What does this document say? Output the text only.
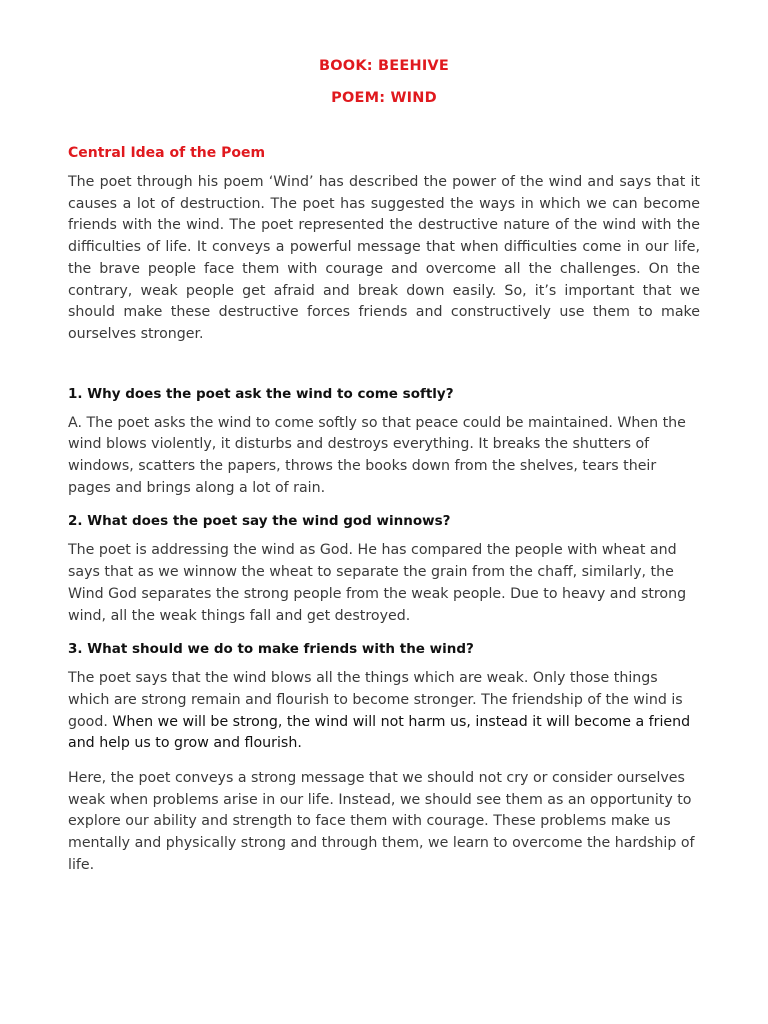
BOOK: BEEHIVE
POEM: WIND
Central Idea of the Poem

The poet through his poem ‘Wind’ has described the power of the wind and says that it causes a lot of destruction. The poet has suggested the ways in which we can become friends with the wind. The poet represented the destructive nature of the wind with the difficulties of life. It conveys a powerful message that when difficulties come in our life, the brave people face them with courage and overcome all the challenges. On the contrary, weak people get afraid and break down easily. So, it’s important that we should make these destructive forces friends and constructively use them to make ourselves stronger.

1. Why does the poet ask the wind to come softly?

A. The poet asks the wind to come softly so that peace could be maintained. When the wind blows violently, it disturbs and destroys everything. It breaks the shutters of windows, scatters the papers, throws the books down from the shelves, tears their pages and brings along a lot of rain.

2. What does the poet say the wind god winnows?

The poet is addressing the wind as God. He has compared the people with wheat and says that as we winnow the wheat to separate the grain from the chaff, similarly, the Wind God separates the strong people from the weak people. Due to heavy and strong wind, all the weak things fall and get destroyed.

3. What should we do to make friends with the wind?

The poet says that the wind blows all the things which are weak. Only those things which are strong remain and flourish to become stronger. The friendship of the wind is good. When we will be strong, the wind will not harm us, instead it will become a friend and help us to grow and flourish.

Here, the poet conveys a strong message that we should not cry or consider ourselves weak when problems arise in our life. Instead, we should see them as an opportunity to explore our ability and strength to face them with courage. These problems make us mentally and physically strong and through them, we learn to overcome the hardship of life.
